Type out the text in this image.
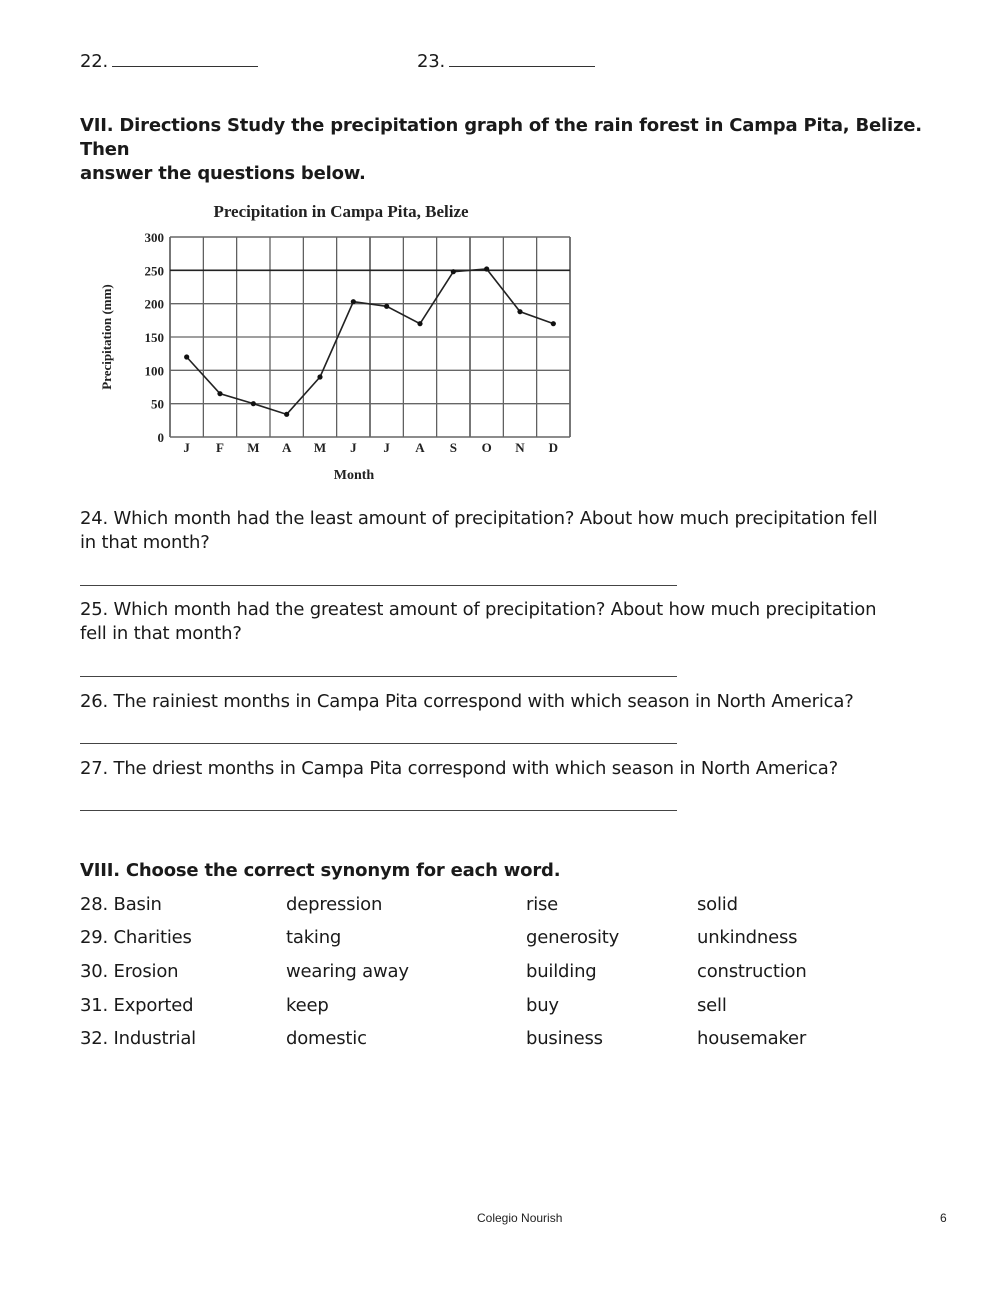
22.	23.
VII. Directions Study the precipitation graph of the rain forest in Campa Pita, Belize. Then
answer the questions below.
Precipitation in Campa Pita, Belize
0
50
100
150
200
250
300
J F M A M J J A S O N D
Month
Precipitation (mm)
24. Which month had the least amount of precipitation? About how much precipitation fell
in that month?
25. Which month had the greatest amount of precipitation? About how much precipitation
fell in that month?
26. The rainiest months in Campa Pita correspond with which season in North America?
27. The driest months in Campa Pita correspond with which season in North America?
VIII. Choose the correct synonym for each word.
28. Basin	depression	rise	solid
29. Charities	taking	generosity	unkindness
30. Erosion	wearing away	building	construction
31. Exported	keep	buy	sell
32. Industrial	domestic	business	housemaker
Colegio Nourish	6
